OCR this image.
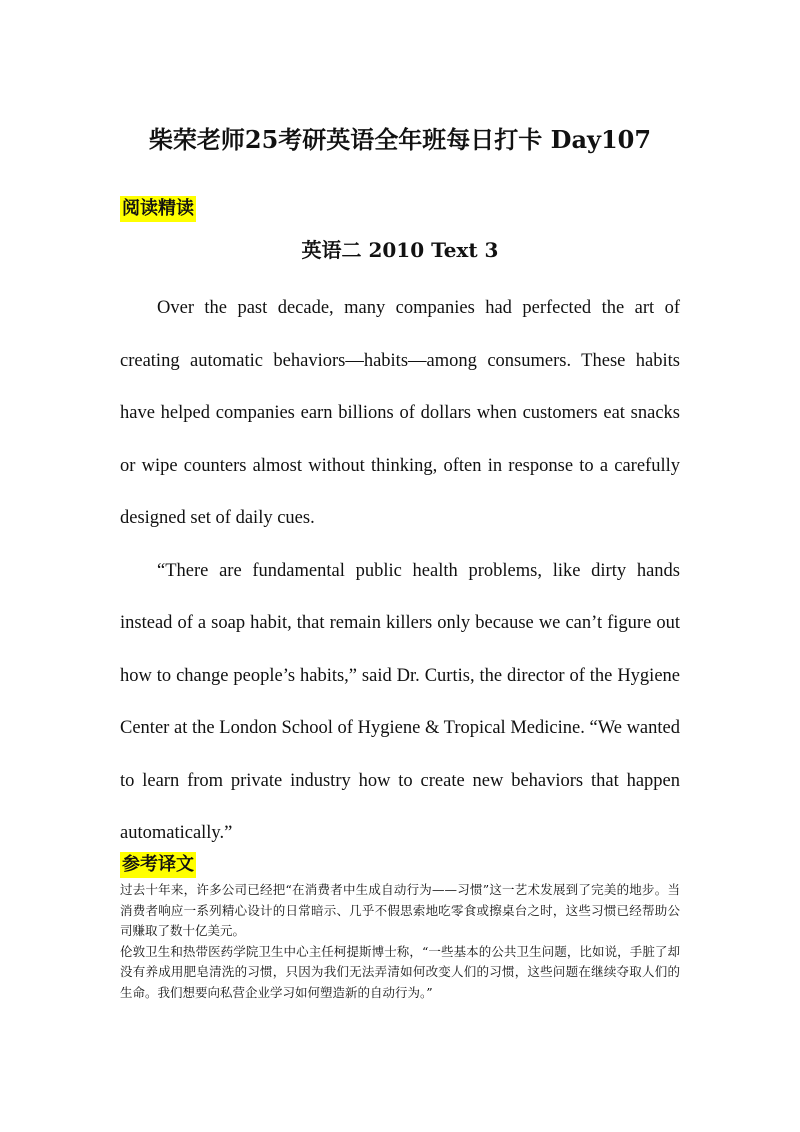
柴荣老师25考研英语全年班每日打卡 Day107
阅读精读
英语二 2010 Text 3

Over the past decade, many companies had perfected the art of creating automatic behaviors—habits—among consumers. These habits have helped companies earn billions of dollars when customers eat snacks or wipe counters almost without thinking, often in response to a carefully designed set of daily cues.

“There are fundamental public health problems, like dirty hands instead of a soap habit, that remain killers only because we can’t figure out how to change people’s habits,” said Dr. Curtis, the director of the Hygiene Center at the London School of Hygiene & Tropical Medicine. “We wanted to learn from private industry how to create new behaviors that happen automatically.”

参考译文

过去十年来，许多公司已经把“在消费者中生成自动行为——习惯”这一艺术发展到了完美的地步。当消费者响应一系列精心设计的日常暗示、几乎不假思索地吃零食或擦桌台之时，这些习惯已经帮助公司赚取了数十亿美元。

伦敦卫生和热带医药学院卫生中心主任柯提斯博士称，“一些基本的公共卫生问题，比如说，手脏了却没有养成用肥皂清洗的习惯，只因为我们无法弄清如何改变人们的习惯，这些问题在继续夺取人们的生命。我们想要向私营企业学习如何塑造新的自动行为。”
